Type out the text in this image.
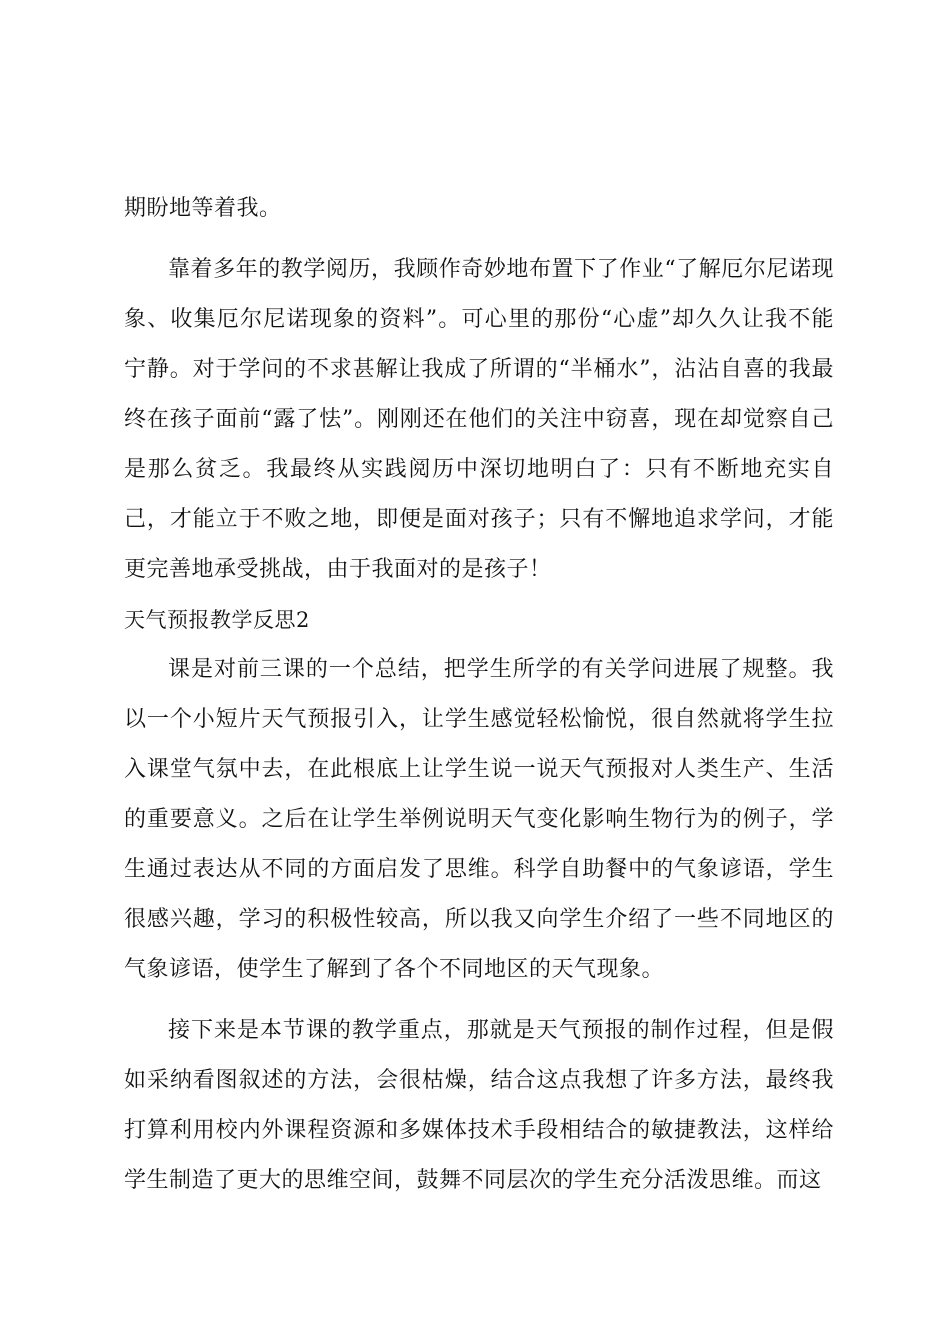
期盼地等着我。

靠着多年的教学阅历，我顾作奇妙地布置下了作业“了解厄尔尼诺现象、收集厄尔尼诺现象的资料”。可心里的那份“心虚”却久久让我不能宁静。对于学问的不求甚解让我成了所谓的“半桶水”，沾沾自喜的我最终在孩子面前“露了怯”。刚刚还在他们的关注中窃喜，现在却觉察自己是那么贫乏。我最终从实践阅历中深切地明白了：只有不断地充实自己，才能立于不败之地，即便是面对孩子；只有不懈地追求学问，才能更完善地承受挑战，由于我面对的是孩子！

天气预报教学反思2

课是对前三课的一个总结，把学生所学的有关学问进展了规整。我以一个小短片天气预报引入，让学生感觉轻松愉悦，很自然就将学生拉入课堂气氛中去，在此根底上让学生说一说天气预报对人类生产、生活的重要意义。之后在让学生举例说明天气变化影响生物行为的例子，学生通过表达从不同的方面启发了思维。科学自助餐中的气象谚语，学生很感兴趣，学习的积极性较高，所以我又向学生介绍了一些不同地区的气象谚语，使学生了解到了各个不同地区的天气现象。

接下来是本节课的教学重点，那就是天气预报的制作过程，但是假如采纳看图叙述的方法，会很枯燥，结合这点我想了许多方法，最终我打算利用校内外课程资源和多媒体技术手段相结合的敏捷教法，这样给学生制造了更大的思维空间，鼓舞不同层次的学生充分活泼思维。而这
